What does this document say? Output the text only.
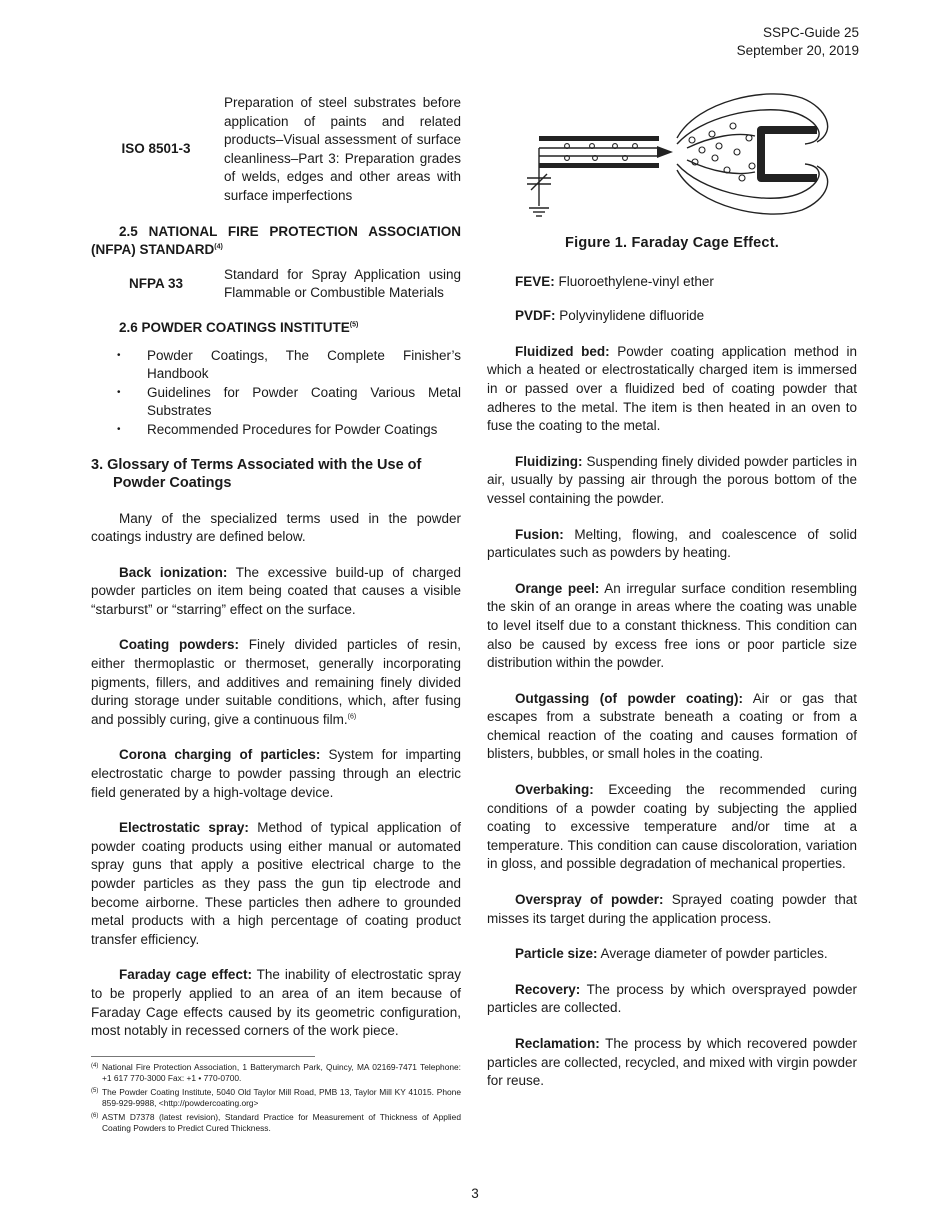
SSPC-Guide 25
September 20, 2019
ISO 8501-3
Preparation of steel substrates before application of paints and related products–Visual assessment of surface cleanliness–Part 3: Preparation grades of welds, edges and other areas with surface imperfections
2.5 NATIONAL FIRE PROTECTION ASSOCIATION (NFPA) STANDARD$^{(4)}$
NFPA 33
Standard for Spray Application using Flammable or Combustible Materials
2.6 POWDER COATINGS INSTITUTE$^{(5)}$
• Powder Coatings, The Complete Finisher’s Handbook
• Guidelines for Powder Coating Various Metal Substrates
• Recommended Procedures for Powder Coatings
3. Glossary of Terms Associated with the Use of Powder Coatings
Many of the specialized terms used in the powder coatings industry are defined below.
Back ionization: The excessive build-up of charged powder particles on item being coated that causes a visible “starburst” or “starring” effect on the surface.
Coating powders: Finely divided particles of resin, either thermoplastic or thermoset, generally incorporating pigments, fillers, and additives and remaining finely divided during storage under suitable conditions, which, after fusing and possibly curing, give a continuous film.$^{(6)}$
Corona charging of particles: System for imparting electrostatic charge to powder passing through an electric field generated by a high-voltage device.
Electrostatic spray: Method of typical application of powder coating products using either manual or automated spray guns that apply a positive electrical charge to the powder particles as they pass the gun tip electrode and become airborne. These particles then adhere to grounded metal products with a high percentage of coating product transfer efficiency.
Faraday cage effect: The inability of electrostatic spray to be properly applied to an area of an item because of Faraday Cage effects caused by its geometric configuration, most notably in recessed corners of the work piece.
(4) National Fire Protection Association, 1 Batterymarch Park, Quincy, MA 02169-7471 Telephone: +1 617 770-3000 Fax: +1 • 770-0700.
(5) The Powder Coating Institute, 5040 Old Taylor Mill Road, PMB 13, Taylor Mill KY 41015. Phone 859-929-9988, <http://powdercoating.org>
(6) ASTM D7378 (latest revision), Standard Practice for Measurement of Thickness of Applied Coating Powders to Predict Cured Thickness.
Figure 1. Faraday Cage Effect.
FEVE: Fluoroethylene-vinyl ether
PVDF: Polyvinylidene difluoride
Fluidized bed: Powder coating application method in which a heated or electrostatically charged item is immersed in or passed over a fluidized bed of coating powder that adheres to the metal. The item is then heated in an oven to fuse the coating to the metal.
Fluidizing: Suspending finely divided powder particles in air, usually by passing air through the porous bottom of the vessel containing the powder.
Fusion: Melting, flowing, and coalescence of solid particulates such as powders by heating.
Orange peel: An irregular surface condition resembling the skin of an orange in areas where the coating was unable to level itself due to a constant thickness. This condition can also be caused by excess free ions or poor particle size distribution within the powder.
Outgassing (of powder coating): Air or gas that escapes from a substrate beneath a coating or from a chemical reaction of the coating and causes formation of blisters, bubbles, or small holes in the coating.
Overbaking: Exceeding the recommended curing conditions of a powder coating by subjecting the applied coating to excessive temperature and/or time at a temperature. This condition can cause discoloration, variation in gloss, and possible degradation of mechanical properties.
Overspray of powder: Sprayed coating powder that misses its target during the application process.
Particle size: Average diameter of powder particles.
Recovery: The process by which oversprayed powder particles are collected.
Reclamation: The process by which recovered powder particles are collected, recycled, and mixed with virgin powder for reuse.
3
